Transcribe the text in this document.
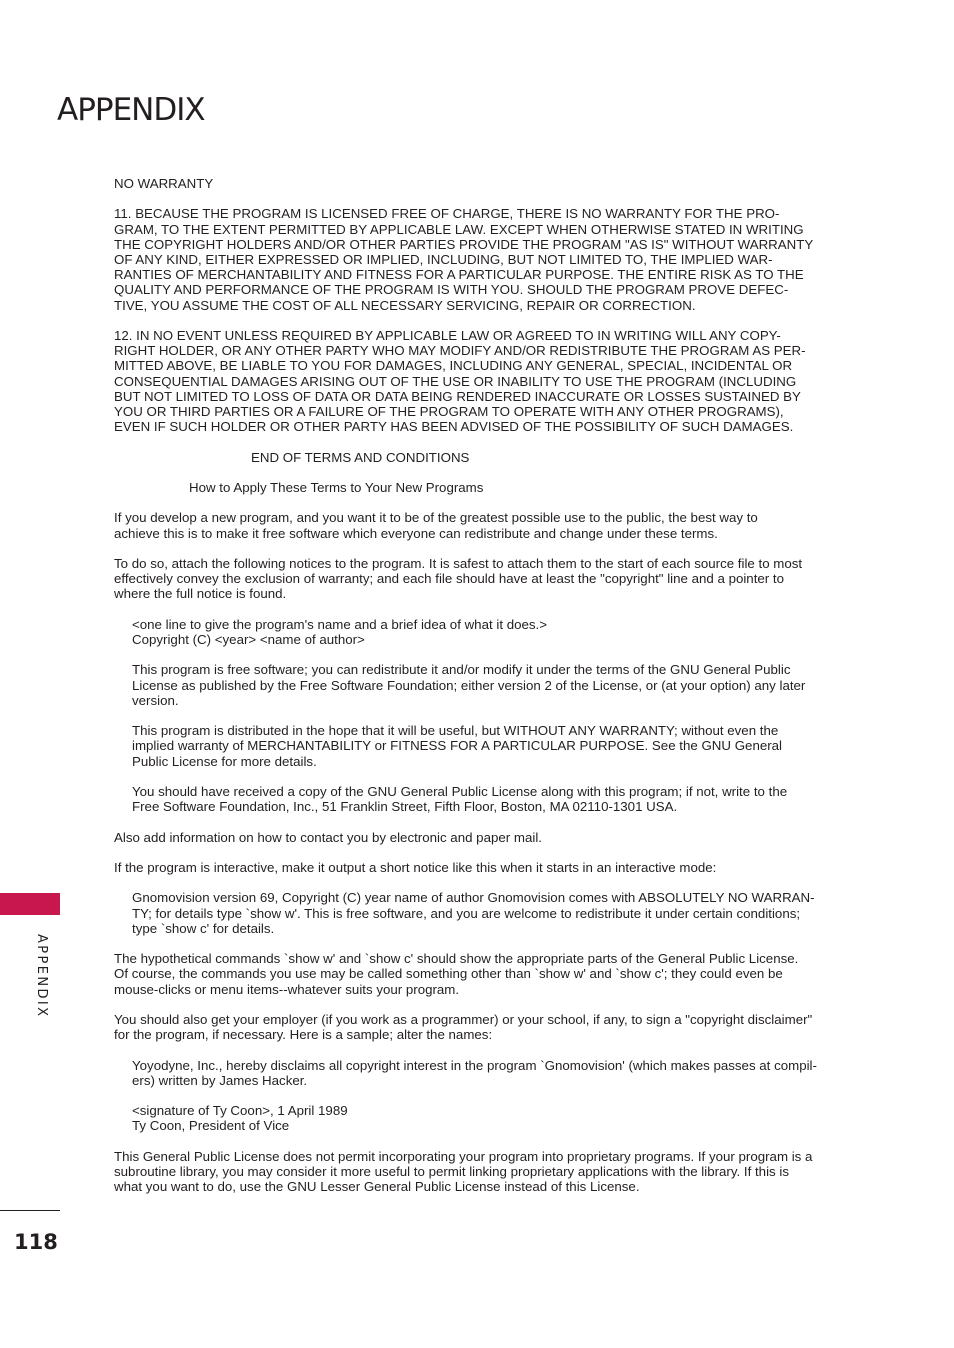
APPENDIX
APPENDIX
118

NO WARRANTY

11. BECAUSE THE PROGRAM IS LICENSED FREE OF CHARGE, THERE IS NO WARRANTY FOR THE PRO-
GRAM, TO THE EXTENT PERMITTED BY APPLICABLE LAW. EXCEPT WHEN OTHERWISE STATED IN WRITING
THE COPYRIGHT HOLDERS AND/OR OTHER PARTIES PROVIDE THE PROGRAM "AS IS" WITHOUT WARRANTY
OF ANY KIND, EITHER EXPRESSED OR IMPLIED, INCLUDING, BUT NOT LIMITED TO, THE IMPLIED WAR-
RANTIES OF MERCHANTABILITY AND FITNESS FOR A PARTICULAR PURPOSE. THE ENTIRE RISK AS TO THE
QUALITY AND PERFORMANCE OF THE PROGRAM IS WITH YOU. SHOULD THE PROGRAM PROVE DEFEC-
TIVE, YOU ASSUME THE COST OF ALL NECESSARY SERVICING, REPAIR OR CORRECTION.

12. IN NO EVENT UNLESS REQUIRED BY APPLICABLE LAW OR AGREED TO IN WRITING WILL ANY COPY-
RIGHT HOLDER, OR ANY OTHER PARTY WHO MAY MODIFY AND/OR REDISTRIBUTE THE PROGRAM AS PER-
MITTED ABOVE, BE LIABLE TO YOU FOR DAMAGES, INCLUDING ANY GENERAL, SPECIAL, INCIDENTAL OR
CONSEQUENTIAL DAMAGES ARISING OUT OF THE USE OR INABILITY TO USE THE PROGRAM (INCLUDING
BUT NOT LIMITED TO LOSS OF DATA OR DATA BEING RENDERED INACCURATE OR LOSSES SUSTAINED BY
YOU OR THIRD PARTIES OR A FAILURE OF THE PROGRAM TO OPERATE WITH ANY OTHER PROGRAMS),
EVEN IF SUCH HOLDER OR OTHER PARTY HAS BEEN ADVISED OF THE POSSIBILITY OF SUCH DAMAGES.

END OF TERMS AND CONDITIONS

How to Apply These Terms to Your New Programs

If you develop a new program, and you want it to be of the greatest possible use to the public, the best way to
achieve this is to make it free software which everyone can redistribute and change under these terms.

To do so, attach the following notices to the program. It is safest to attach them to the start of each source file to most
effectively convey the exclusion of warranty; and each file should have at least the "copyright" line and a pointer to
where the full notice is found.

<one line to give the program's name and a brief idea of what it does.>
Copyright (C) <year> <name of author>

This program is free software; you can redistribute it and/or modify it under the terms of the GNU General Public
License as published by the Free Software Foundation; either version 2 of the License, or (at your option) any later
version.

This program is distributed in the hope that it will be useful, but WITHOUT ANY WARRANTY; without even the
implied warranty of MERCHANTABILITY or FITNESS FOR A PARTICULAR PURPOSE. See the GNU General
Public License for more details.

You should have received a copy of the GNU General Public License along with this program; if not, write to the
Free Software Foundation, Inc., 51 Franklin Street, Fifth Floor, Boston, MA 02110-1301 USA.

Also add information on how to contact you by electronic and paper mail.

If the program is interactive, make it output a short notice like this when it starts in an interactive mode:

Gnomovision version 69, Copyright (C) year name of author Gnomovision comes with ABSOLUTELY NO WARRAN-
TY; for details type `show w'. This is free software, and you are welcome to redistribute it under certain conditions;
type `show c' for details.

The hypothetical commands `show w' and `show c' should show the appropriate parts of the General Public License.
Of course, the commands you use may be called something other than `show w' and `show c'; they could even be
mouse-clicks or menu items--whatever suits your program.

You should also get your employer (if you work as a programmer) or your school, if any, to sign a "copyright disclaimer"
for the program, if necessary. Here is a sample; alter the names:

Yoyodyne, Inc., hereby disclaims all copyright interest in the program `Gnomovision' (which makes passes at compil-
ers) written by James Hacker.

<signature of Ty Coon>, 1 April 1989
Ty Coon, President of Vice

This General Public License does not permit incorporating your program into proprietary programs. If your program is a
subroutine library, you may consider it more useful to permit linking proprietary applications with the library. If this is
what you want to do, use the GNU Lesser General Public License instead of this License.
